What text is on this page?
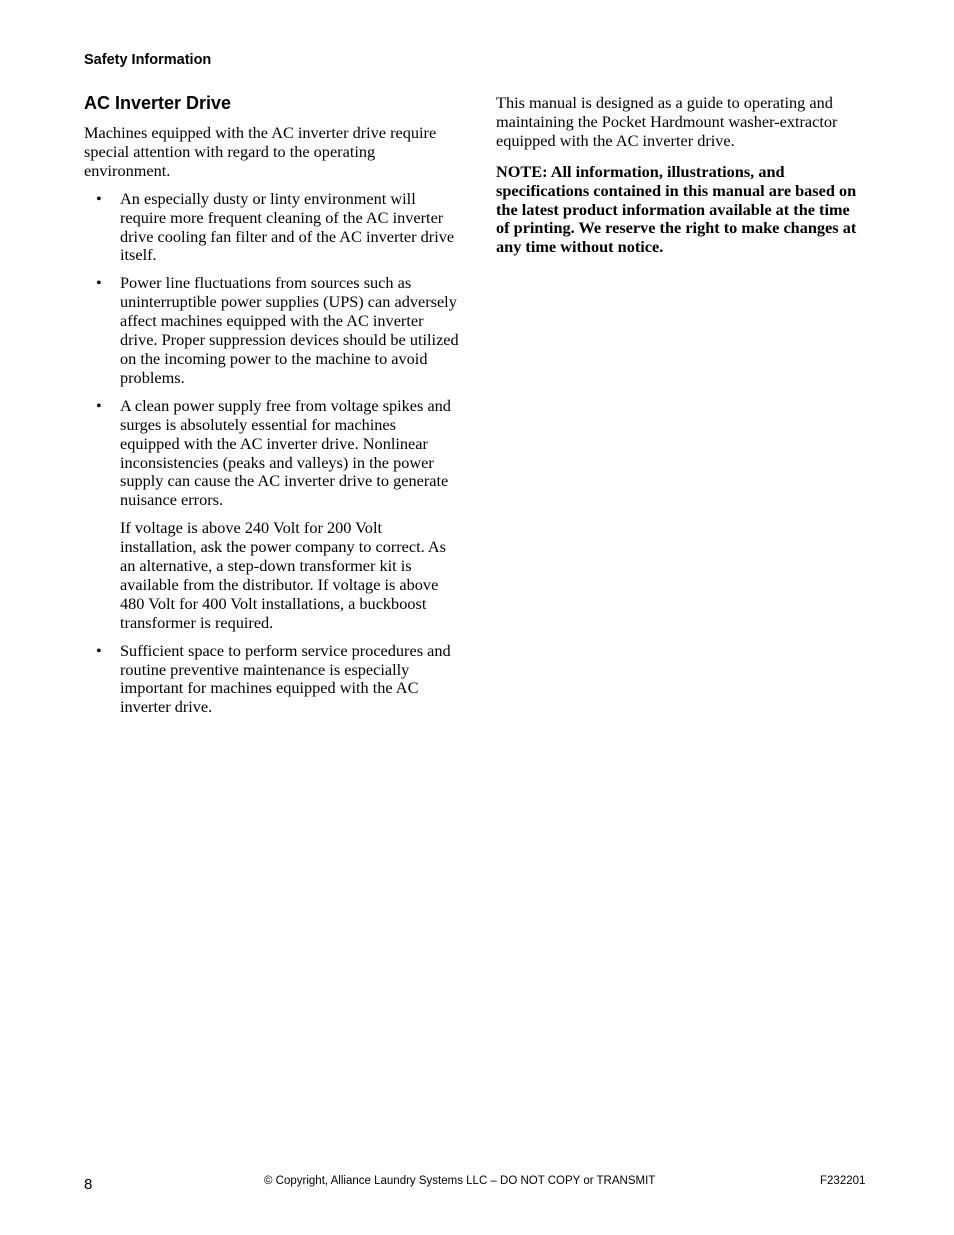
Safety Information
AC Inverter Drive

Machines equipped with the AC inverter drive require special attention with regard to the operating environment.

• An especially dusty or linty environment will require more frequent cleaning of the AC inverter drive cooling fan filter and of the AC inverter drive itself.
• Power line fluctuations from sources such as uninterruptible power supplies (UPS) can adversely affect machines equipped with the AC inverter drive. Proper suppression devices should be utilized on the incoming power to the machine to avoid problems.
• A clean power supply free from voltage spikes and surges is absolutely essential for machines equipped with the AC inverter drive. Nonlinear inconsistencies (peaks and valleys) in the power supply can cause the AC inverter drive to generate nuisance errors.

If voltage is above 240 Volt for 200 Volt installation, ask the power company to correct. As an alternative, a step-down transformer kit is available from the distributor. If voltage is above 480 Volt for 400 Volt installations, a buckboost transformer is required.

• Sufficient space to perform service procedures and routine preventive maintenance is especially important for machines equipped with the AC inverter drive.

This manual is designed as a guide to operating and maintaining the Pocket Hardmount washer-extractor equipped with the AC inverter drive.

NOTE: All information, illustrations, and specifications contained in this manual are based on the latest product information available at the time of printing. We reserve the right to make changes at any time without notice.

8	© Copyright, Alliance Laundry Systems LLC – DO NOT COPY or TRANSMIT	F232201
